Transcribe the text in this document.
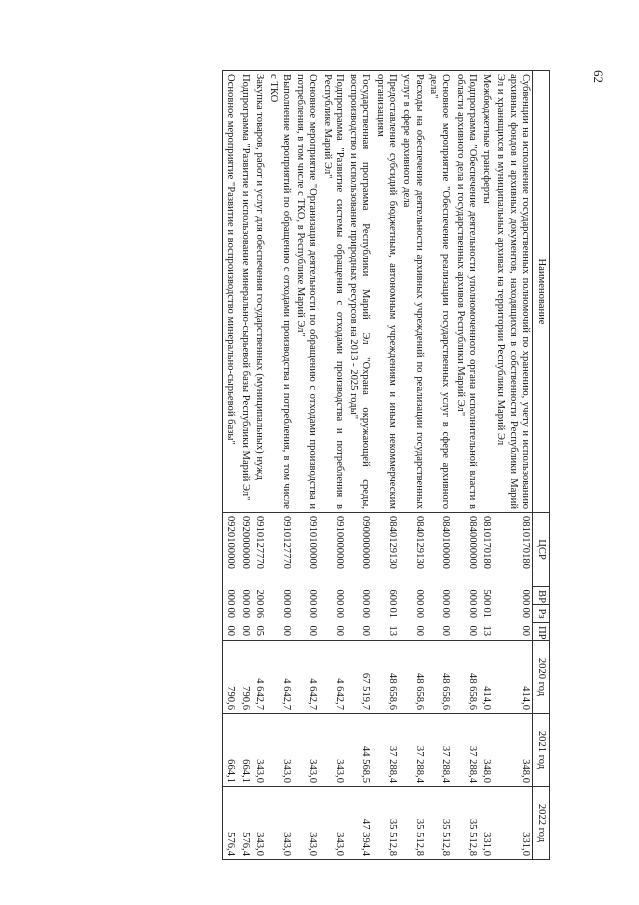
62
Наименование	ЦСР	ВР	Рз	ПР	2020 год	2021 год	2022 год
Субвенции на исполнение государственных полномочий по хранению, учету и использованию архивных фондов и архивных документов, находящихся в собственности Республики Марий Эл и хранящихся в муниципальных архивах на территории Республики Марий Эл	0810170180	000	00	00	414,0	348,0	331,0
Межбюджетные трансферты	0810170180	500	01	13	414,0	348,0	331,0
Подпрограмма "Обеспечение деятельности уполномоченного органа исполнительной власти в области архивного дела и государственных архивов Республики Марий Эл"	0840000000	000	00	00	48 658,6	37 288,4	35 512,8
Основное мероприятие "Обеспечение реализации государственных услуг в сфере архивного дела"	0840100000	000	00	00	48 658,6	37 288,4	35 512,8
Расходы на обеспечение деятельности архивных учреждений по реализации государственных услуг в сфере архивного дела	0840129130	000	00	00	48 658,6	37 288,4	35 512,8
Предоставление субсидий бюджетным, автономным учреждениям и иным некоммерческим организациям	0840129130	600	01	13	48 658,6	37 288,4	35 512,8
Государственная программа Республики Марий Эл "Охрана окружающей среды, воспроизводство и использование природных ресурсов на 2013 - 2025 годы"	0900000000	000	00	00	67 519,7	44 568,5	47 394,4
Подпрограмма "Развитие системы обращения с отходами производства и потребления в Республике Марий Эл"	0910000000	000	00	00	4 642,7	343,0	343,0
Основное мероприятие "Организация деятельности по обращению с отходами производства и потребления, в том числе с ТКО, в Республике Марий Эл"	0910100000	000	00	00	4 642,7	343,0	343,0
Выполнение мероприятий по обращению с отходами производства и потребления, в том числе с ТКО	0910127770	000	00	00	4 642,7	343,0	343,0
Закупка товаров, работ и услуг для обеспечения государственных (муниципальных) нужд	0910127770	200	06	05	4 642,7	343,0	343,0
Подпрограмма "Развитие и использование минерально-сырьевой базы Республики Марий Эл"	0920000000	000	00	00	790,6	664,1	576,4
Основное мероприятие "Развитие и воспроизводство минерально-сырьевой базы"	0920100000	000	00	00	790,6	664,1	576,4
